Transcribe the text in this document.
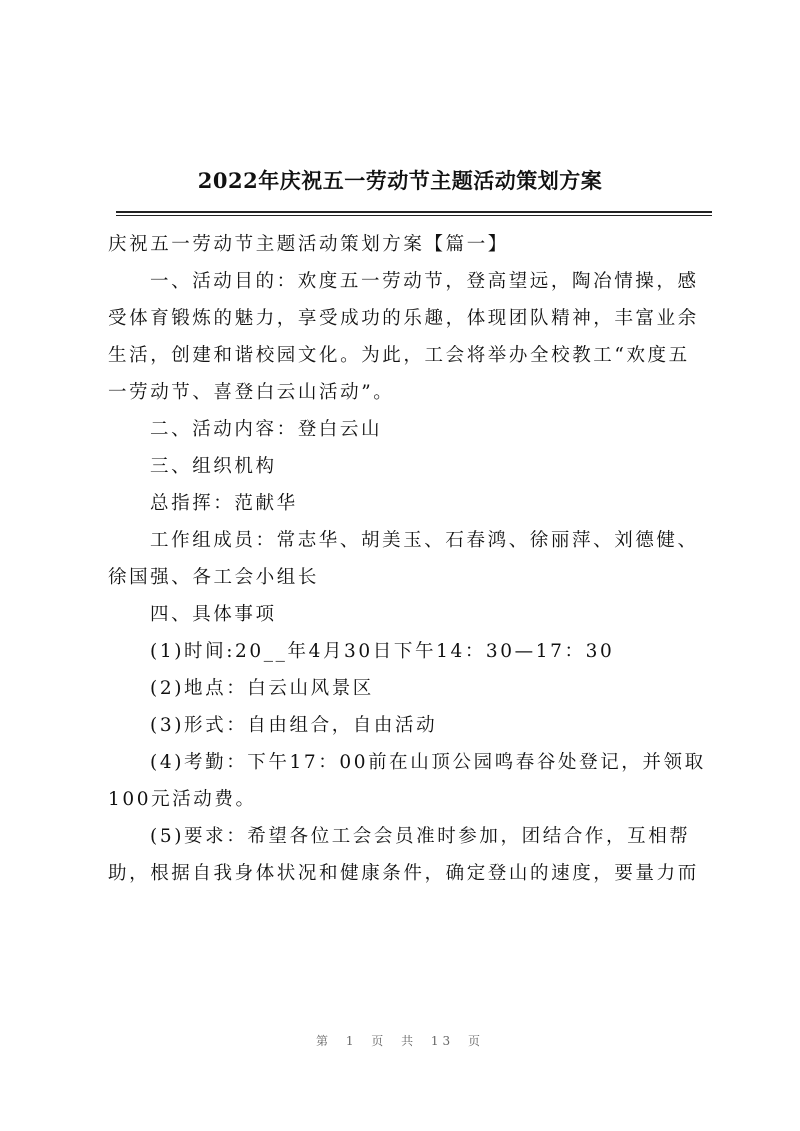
2022年庆祝五一劳动节主题活动策划方案

庆祝五一劳动节主题活动策划方案【篇一】

一、活动目的：欢度五一劳动节，登高望远，陶冶情操，感受体育锻炼的魅力，享受成功的乐趣，体现团队精神，丰富业余生活，创建和谐校园文化。为此，工会将举办全校教工“欢度五一劳动节、喜登白云山活动”。

二、活动内容：登白云山

三、组织机构

总指挥：范献华

工作组成员：常志华、胡美玉、石春鸿、徐丽萍、刘德健、徐国强、各工会小组长

四、具体事项

(1)时间:20__年4月30日下午14：30—17：30

(2)地点：白云山风景区

(3)形式：自由组合，自由活动

(4)考勤：下午17：00前在山顶公园鸣春谷处登记，并领取100元活动费。

(5)要求：希望各位工会会员准时参加，团结合作，互相帮助，根据自我身体状况和健康条件，确定登山的速度，要量力而

第 1 页 共 13 页
